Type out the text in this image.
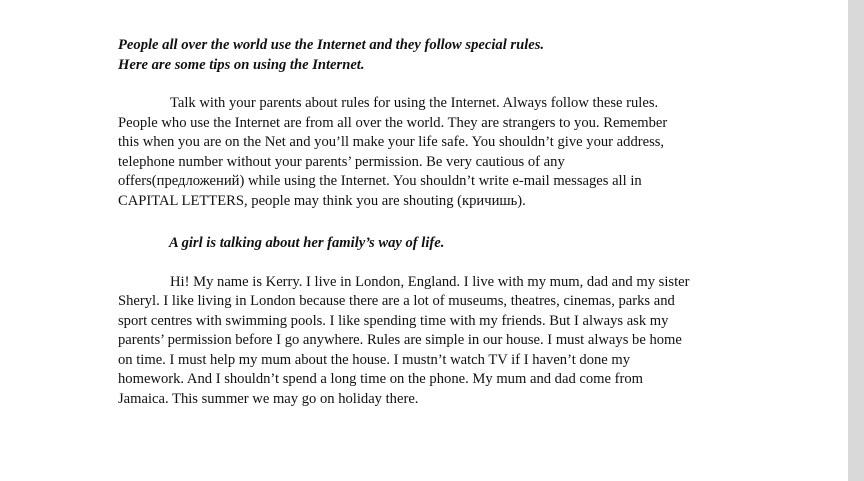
People all over the world use the Internet and they follow special rules.
Here are some tips on using the Internet.
Talk with your parents about rules for using the Internet. Always follow these rules.
People who use the Internet are from all over the world. They are strangers to you. Remember
this when you are on the Net and you’ll make your life safe. You shouldn’t give your address,
telephone number without your parents’ permission. Be very cautious of any
offers(предложений) while using the Internet. You shouldn’t write e-mail messages all in
CAPITAL LETTERS, people may think you are shouting (кричишь).
A girl is talking about her family’s way of life.
Hi! My name is Kerry. I live in London, England. I live with my mum, dad and my sister
Sheryl. I like living in London because there are a lot of museums, theatres, cinemas, parks and
sport centres with swimming pools. I like spending time with my friends. But I always ask my
parents’ permission before I go anywhere. Rules are simple in our house. I must always be home
on time. I must help my mum about the house. I mustn’t watch TV if I haven’t done my
homework. And I shouldn’t spend a long time on the phone. My mum and dad come from
Jamaica. This summer we may go on holiday there.
